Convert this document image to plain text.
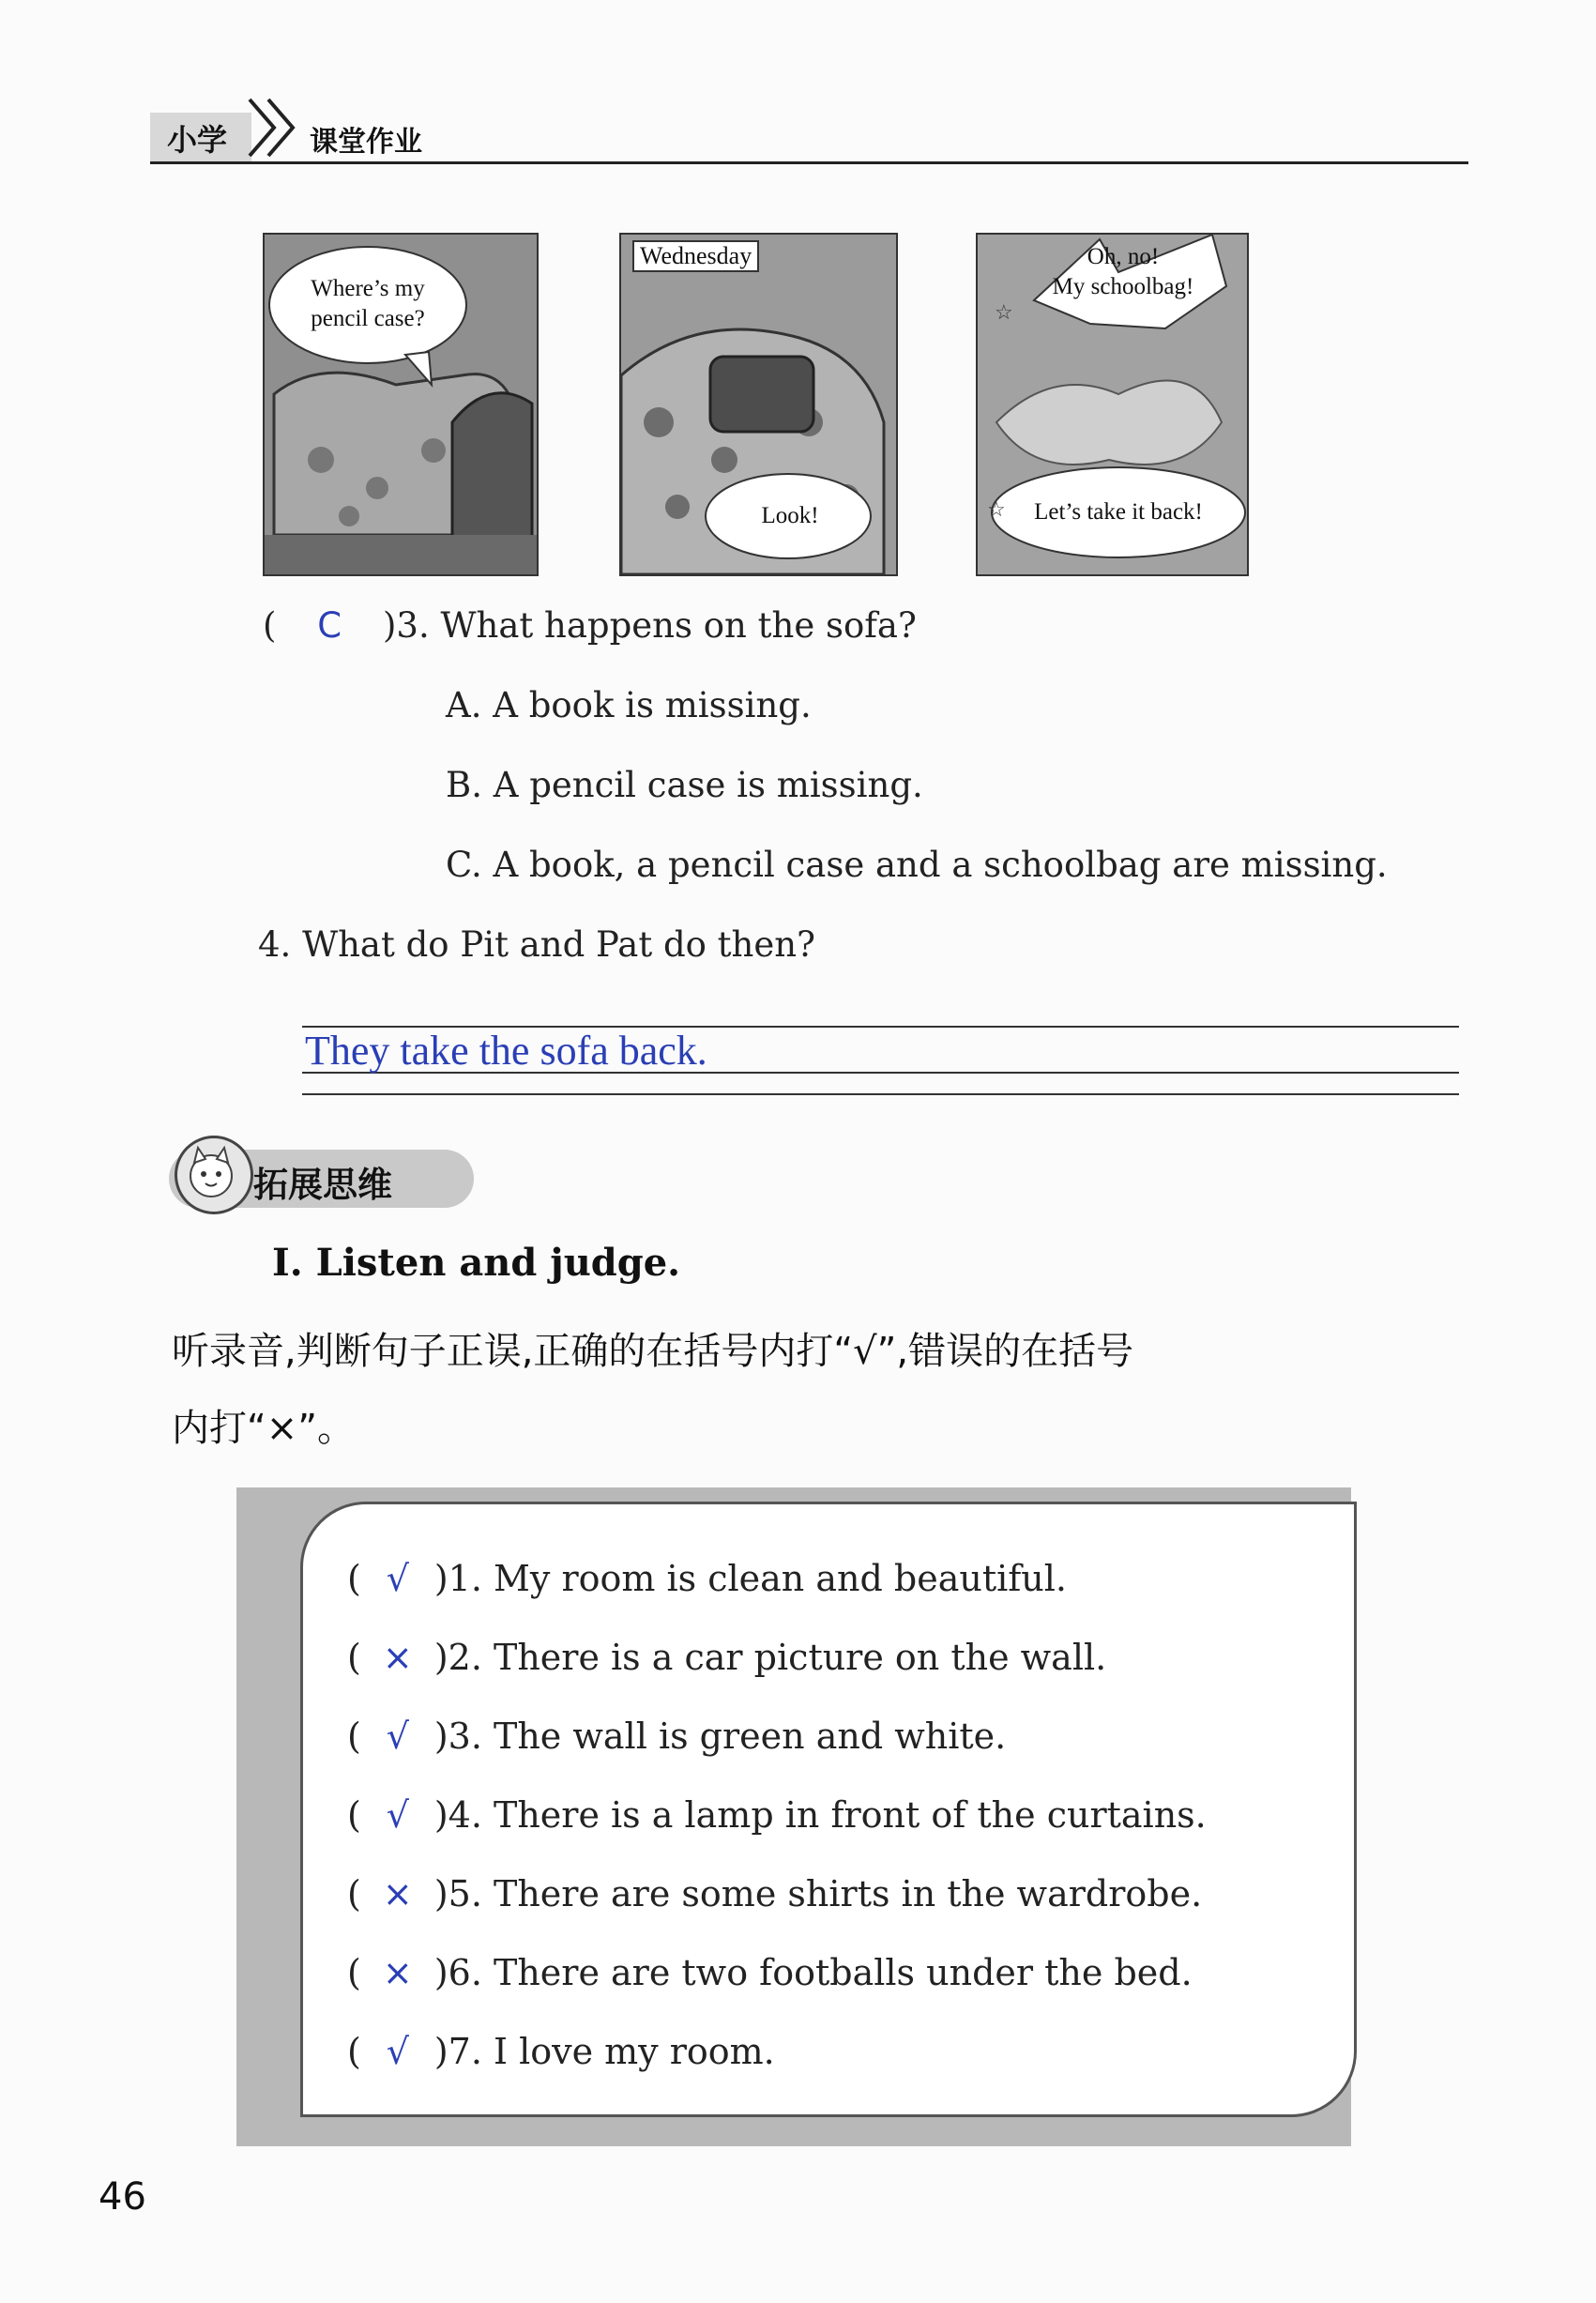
小学	课堂作业
Where’s my
pencil case?
Wednesday
Look!	☆
☆
Oh, no!
My schoolbag!
Let’s take it back!
( C )3. What happens on the sofa?
A. A book is missing.
B. A pencil case is missing.
C. A book, a pencil case and a schoolbag are missing.
4. What do Pit and Pat do then?
They take the sofa back.
拓展思维
Ⅰ. Listen and judge.
听录音,判断句子正误,正确的在括号内打“√”,错误的在括号
内打“×”。
( √ )1. My room is clean and beautiful.
( × )2. There is a car picture on the wall.
( √ )3. The wall is green and white.
( √ )4. There is a lamp in front of the curtains.
( × )5. There are some shirts in the wardrobe.
( × )6. There are two footballs under the bed.
( √ )7. I love my room.
46
